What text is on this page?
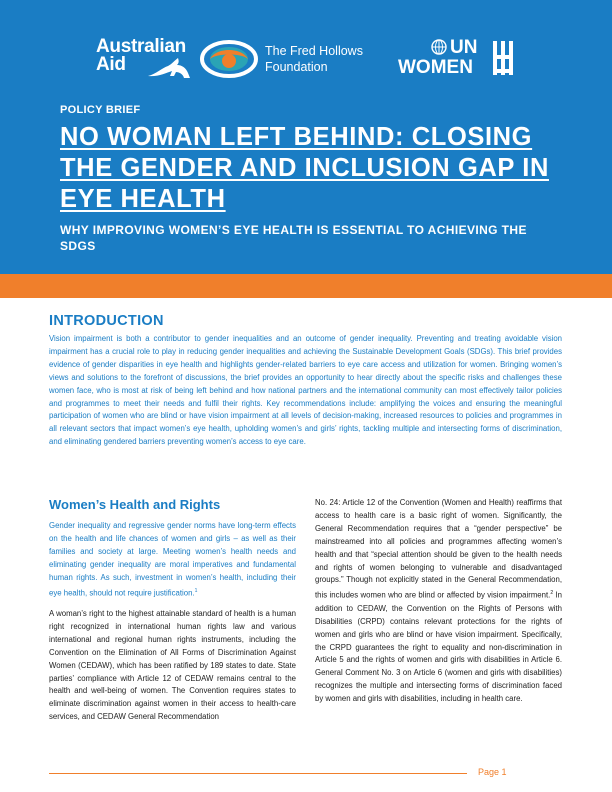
Australian
Aid
The Fred Hollows
Foundation
UN
WOMEN
POLICY BRIEF
NO WOMAN LEFT BEHIND: CLOSING THE GENDER AND INCLUSION GAP IN EYE HEALTH
WHY IMPROVING WOMEN’S EYE HEALTH IS ESSENTIAL TO ACHIEVING THE SDGS
INTRODUCTION

Vision impairment is both a contributor to gender inequalities and an outcome of gender inequality. Preventing and treating avoidable vision impairment has a crucial role to play in reducing gender inequalities and achieving the Sustainable Development Goals (SDGs). This brief provides evidence of gender disparities in eye health and highlights gender-related barriers to eye care access and utilization for women. Bringing women’s views and solutions to the forefront of discussions, the brief provides an opportunity to hear directly about the specific risks and challenges these women face, who is most at risk of being left behind and how national partners and the international community can most effectively tailor policies and programmes to meet their needs and fulfil their rights. Key recommendations include: amplifying the voices and ensuring the meaningful participation of women who are blind or have vision impairment at all levels of decision-making, increased resources to policies and programmes in all relevant sectors that impact women’s eye health, upholding women’s and girls’ rights, tackling multiple and intersecting forms of discrimination, and eliminating gendered barriers preventing women’s access to eye care.

Women’s Health and Rights

Gender inequality and regressive gender norms have long-term effects on the health and life chances of women and girls – as well as their families and society at large. Meeting women’s health needs and eliminating gender inequality are moral imperatives and fundamental human rights. As such, investment in women’s health, including their eye health, should not require justification.$^1$

A woman’s right to the highest attainable standard of health is a human right recognized in international human rights law and various international and regional human rights instruments, including the Convention on the Elimination of All Forms of Discrimination Against Women (CEDAW), which has been ratified by 189 states to date. State parties’ compliance with Article 12 of CEDAW remains central to the health and well-being of women. The Convention requires states to eliminate discrimination against women in their access to health-care services, and CEDAW General Recommendation

No. 24: Article 12 of the Convention (Women and Health) reaffirms that access to health care is a basic right of women. Significantly, the General Recommendation requires that a “gender perspective” be mainstreamed into all policies and programmes affecting women’s health and that “special attention should be given to the health needs and rights of women belonging to vulnerable and disadvantaged groups.” Though not explicitly stated in the General Recommendation, this includes women who are blind or affected by vision impairment.$^2$ In addition to CEDAW, the Convention on the Rights of Persons with Disabilities (CRPD) contains relevant protections for the rights of women and girls who are blind or have vision impairment. Specifically, the CRPD guarantees the right to equality and non-discrimination in Article 5 and the rights of women and girls with disabilities in Article 6. General Comment No. 3 on Article 6 (women and girls with disabilities) recognizes the multiple and intersecting forms of discrimination faced by women and girls with disabilities, including in health care.

Page 1
